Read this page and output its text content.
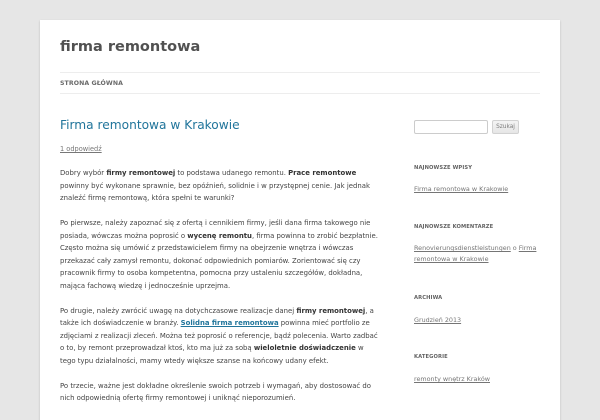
firma remontowa
STRONA GŁÓWNA
Firma remontowa w Krakowie
1 odpowiedź

Dobry wybór firmy remontowej to podstawa udanego remontu. Prace remontowe powinny być wykonane sprawnie, bez opóźnień, solidnie i w przystępnej cenie. Jak jednak znaleźć firmę remontową, która spełni te warunki?

Po pierwsze, należy zapoznać się z ofertą i cennikiem firmy, jeśli dana firma takowego nie posiada, wówczas można poprosić o wycenę remontu, firma powinna to zrobić bezpłatnie. Często można się umówić z przedstawicielem firmy na obejrzenie wnętrza i wówczas przekazać cały zamysł remontu, dokonać odpowiednich pomiarów. Zorientować się czy pracownik firmy to osoba kompetentna, pomocna przy ustaleniu szczegółów, dokładna, mająca fachową wiedzę i jednocześnie uprzejma.

Po drugie, należy zwrócić uwagę na dotychczasowe realizacje danej firmy remontowej, a także ich doświadczenie w branży. Solidna firma remontowa powinna mieć portfolio ze zdjęciami z realizacji zleceń. Można też poprosić o referencje, bądź polecenia. Warto zadbać o to, by remont przeprowadzał ktoś, kto ma już za sobą wieloletnie doświadczenie w tego typu działalności, mamy wtedy większe szanse na końcowy udany efekt.

Po trzecie, ważne jest dokładne określenie swoich potrzeb i wymagań, aby dostosować do nich odpowiednią ofertę firmy remontowej i uniknąć nieporozumień.

Szukaj
NAJNOWSZE WPISY
Firma remontowa w Krakowie
NAJNOWSZE KOMENTARZE
Renovierungsdienstleistungen o Firma remontowa w Krakowie
ARCHIWA
Grudzień 2013
KATEGORIE
remonty wnętrz Kraków
